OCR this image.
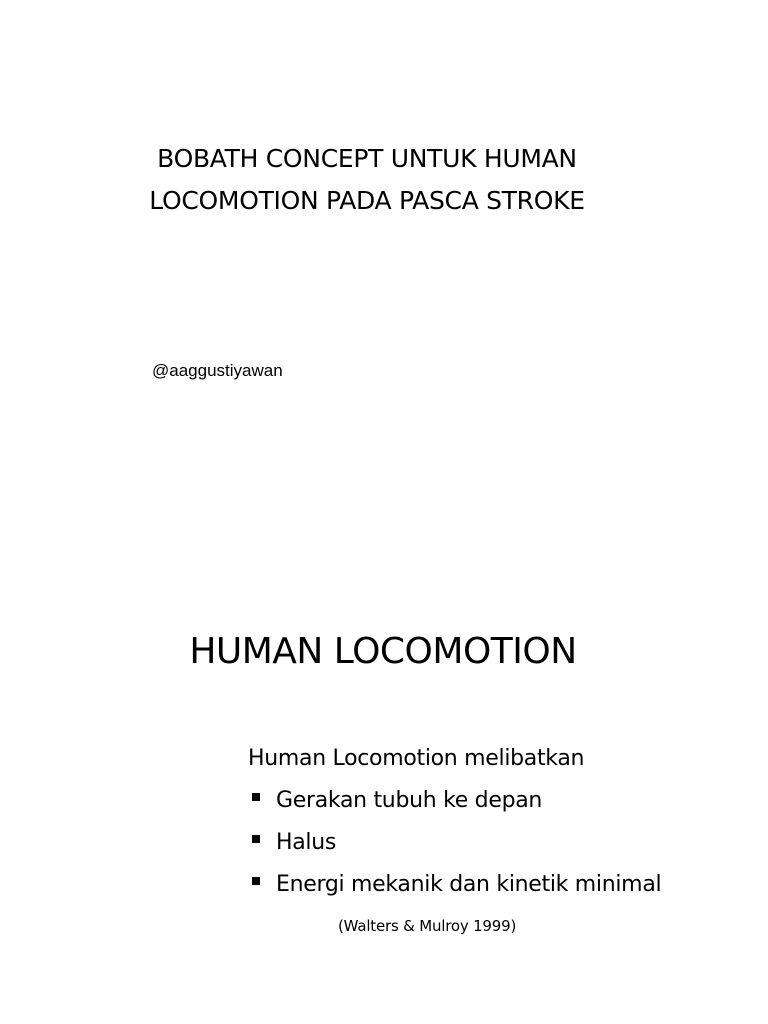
BOBATH CONCEPT UNTUK HUMAN
LOCOMOTION PADA PASCA STROKE
@aaggustiyawan
HUMAN LOCOMOTION
Human Locomotion melibatkan
Gerakan tubuh ke depan
Halus
Energi mekanik dan kinetik minimal
(Walters & Mulroy 1999)
